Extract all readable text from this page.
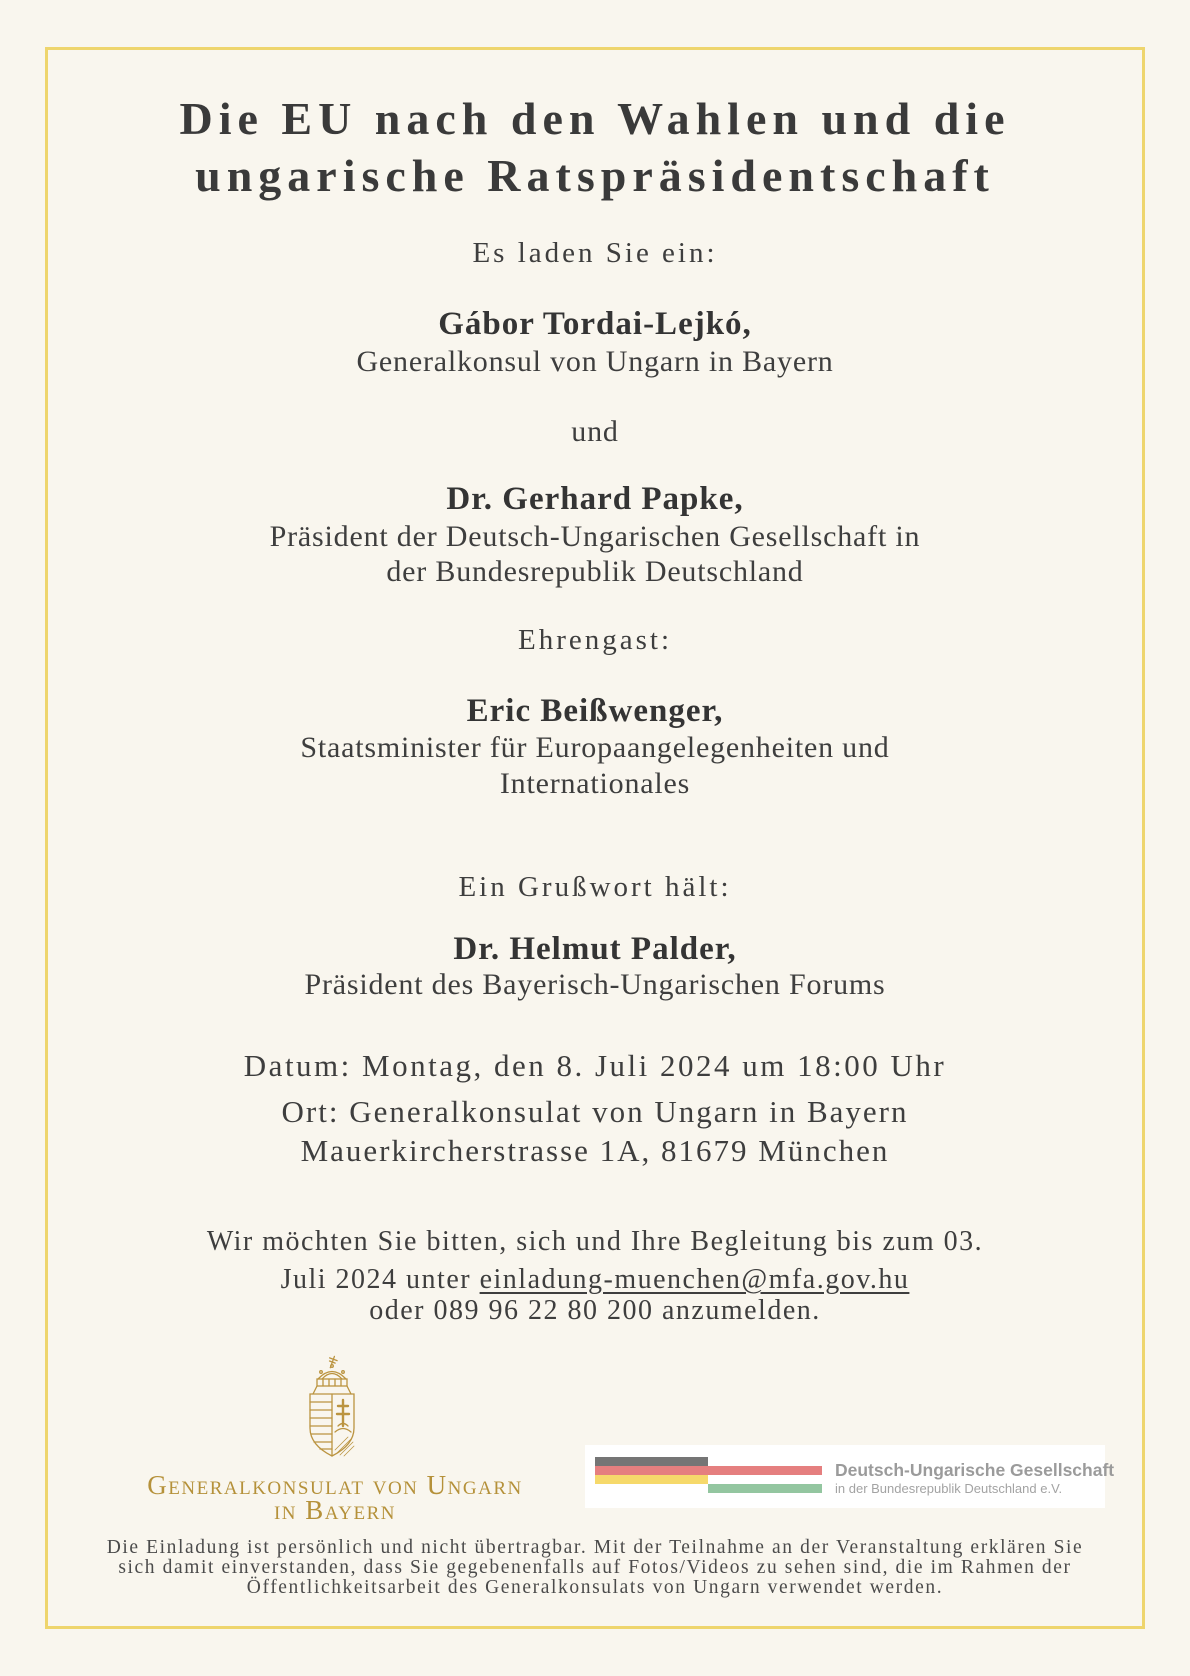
Die EU nach den Wahlen und die
ungarische Ratspräsidentschaft
Es laden Sie ein:
Gábor Tordai-Lejkó,
Generalkonsul von Ungarn in Bayern
und
Dr. Gerhard Papke,
Präsident der Deutsch-Ungarischen Gesellschaft in
der Bundesrepublik Deutschland
Ehrengast:
Eric Beißwenger,
Staatsminister für Europaangelegenheiten und
Internationales
Ein Grußwort hält:
Dr. Helmut Palder,
Präsident des Bayerisch-Ungarischen Forums
Datum: Montag, den 8. Juli 2024 um 18:00 Uhr
Ort: Generalkonsulat von Ungarn in Bayern
Mauerkircherstrasse 1A, 81679 München
Wir möchten Sie bitten, sich und Ihre Begleitung bis zum 03.
Juli 2024 unter einladung-muenchen@mfa.gov.hu
oder 089 96 22 80 200 anzumelden.
Generalkonsulat von Ungarn
in Bayern
Deutsch-Ungarische Gesellschaft
in der Bundesrepublik Deutschland e.V.
Die Einladung ist persönlich und nicht übertragbar. Mit der Teilnahme an der Veranstaltung erklären Sie
sich damit einverstanden, dass Sie gegebenenfalls auf Fotos/Videos zu sehen sind, die im Rahmen der
Öffentlichkeitsarbeit des Generalkonsulats von Ungarn verwendet werden.
